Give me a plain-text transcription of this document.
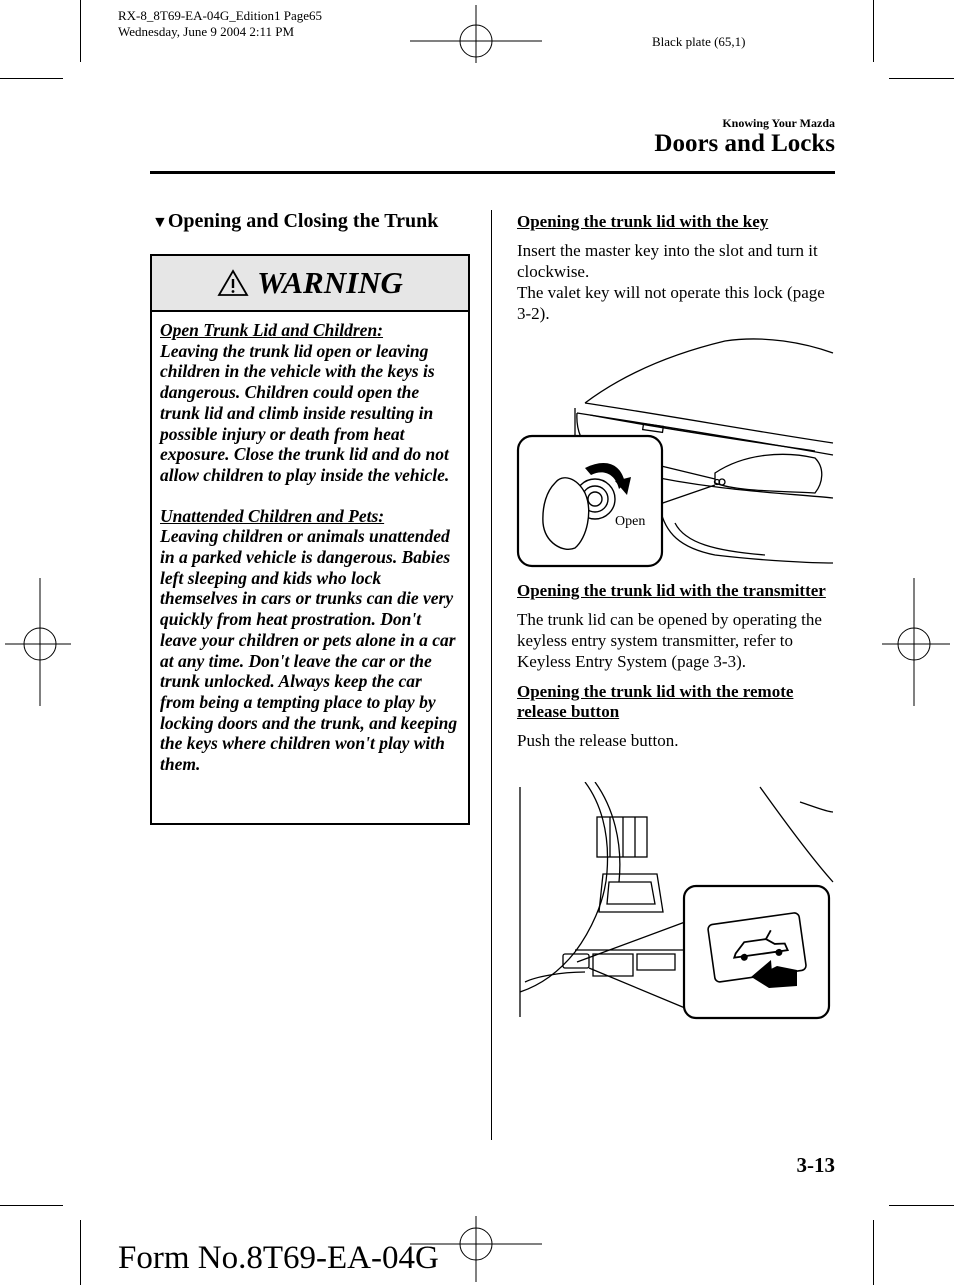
RX-8_8T69-EA-04G_Edition1 Page65
Wednesday, June 9 2004 2:11 PM
Black plate (65,1)
Knowing Your Mazda
Doors and Locks
▼Opening and Closing the Trunk
WARNING

Open Trunk Lid and Children:
Leaving the trunk lid open or leaving children in the vehicle with the keys is dangerous. Children could open the trunk lid and climb inside resulting in possible injury or death from heat exposure. Close the trunk lid and do not allow children to play inside the vehicle.

Unattended Children and Pets:
Leaving children or animals unattended in a parked vehicle is dangerous. Babies left sleeping and kids who lock themselves in cars or trunks can die very quickly from heat prostration. Don't leave your children or pets alone in a car at any time. Don't leave the car or the trunk unlocked. Always keep the car from being a tempting place to play by locking doors and the trunk, and keeping the keys where children won't play with them.

Opening the trunk lid with the key
Insert the master key into the slot and turn it clockwise.
The valet key will not operate this lock (page 3-2).
Open
Opening the trunk lid with the transmitter
The trunk lid can be opened by operating the keyless entry system transmitter, refer to Keyless Entry System (page 3-3).
Opening the trunk lid with the remote release button
Push the release button.
3-13
Form No.8T69-EA-04G
